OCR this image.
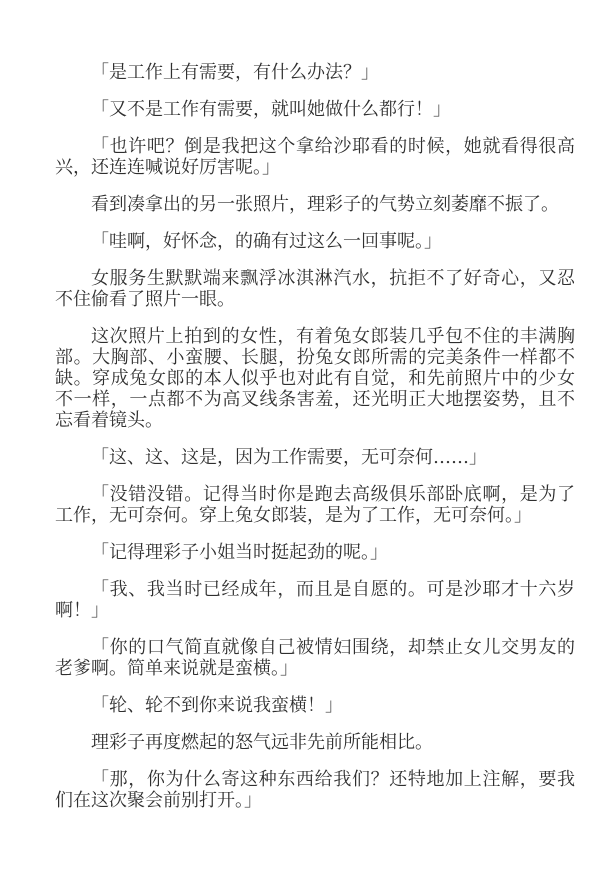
「是工作上有需要，有什么办法？」

「又不是工作有需要，就叫她做什么都行！」

「也许吧？倒是我把这个拿给沙耶看的时候，她就看得很高兴，还连连喊说好厉害呢。」

看到凑拿出的另一张照片，理彩子的气势立刻萎靡不振了。

「哇啊，好怀念，的确有过这么一回事呢。」

女服务生默默端来飘浮冰淇淋汽水，抗拒不了好奇心，又忍不住偷看了照片一眼。

这次照片上拍到的女性，有着兔女郎装几乎包不住的丰满胸部。大胸部、小蛮腰、长腿，扮兔女郎所需的完美条件一样都不缺。穿成兔女郎的本人似乎也对此有自觉，和先前照片中的少女不一样，一点都不为高叉线条害羞，还光明正大地摆姿势，且不忘看着镜头。

「这、这、这是，因为工作需要，无可奈何……」

「没错没错。记得当时你是跑去高级俱乐部卧底啊，是为了工作，无可奈何。穿上兔女郎装，是为了工作，无可奈何。」

「记得理彩子小姐当时挺起劲的呢。」

「我、我当时已经成年，而且是自愿的。可是沙耶才十六岁啊！」

「你的口气简直就像自己被情妇围绕，却禁止女儿交男友的老爹啊。简单来说就是蛮横。」

「轮、轮不到你来说我蛮横！」

理彩子再度燃起的怒气远非先前所能相比。

「那，你为什么寄这种东西给我们？还特地加上注解，要我们在这次聚会前别打开。」
